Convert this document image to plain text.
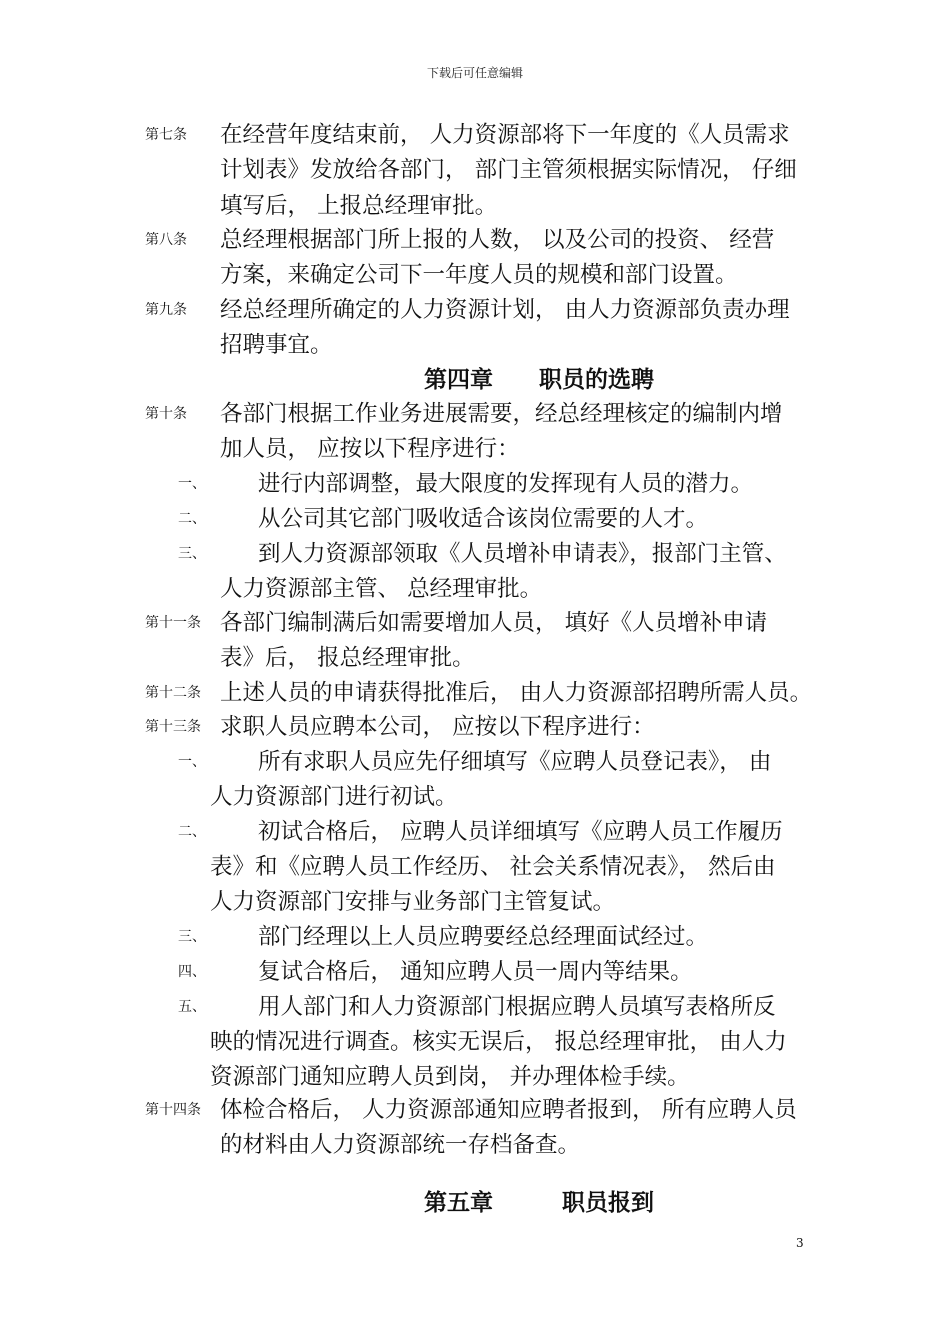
下载后可任意编辑
第七条 在经营年度结束前， 人力资源部将下一年度的《人员需求
计划表》发放给各部门， 部门主管须根据实际情况， 仔细
填写后， 上报总经理审批。
第八条 总经理根据部门所上报的人数， 以及公司的投资、 经营
方案，来确定公司下一年度人员的规模和部门设置。
第九条 经总经理所确定的人力资源计划， 由人力资源部负责办理
招聘事宜。
第四章 职员的选聘
第十条 各部门根据工作业务进展需要，经总经理核定的编制内增
加人员， 应按以下程序进行：
一、 进行内部调整，最大限度的发挥现有人员的潜力。
二、 从公司其它部门吸收适合该岗位需要的人才。
三、 到人力资源部领取《人员增补申请表》，报部门主管、
人力资源部主管、 总经理审批。
第十一条 各部门编制满后如需要增加人员， 填好《人员增补申请
表》后， 报总经理审批。
第十二条 上述人员的申请获得批准后， 由人力资源部招聘所需人员。
第十三条 求职人员应聘本公司， 应按以下程序进行：
一、 所有求职人员应先仔细填写《应聘人员登记表》， 由
人力资源部门进行初试。
二、 初试合格后， 应聘人员详细填写《应聘人员工作履历
表》和《应聘人员工作经历、 社会关系情况表》， 然后由
人力资源部门安排与业务部门主管复试。
三、 部门经理以上人员应聘要经总经理面试经过。
四、 复试合格后， 通知应聘人员一周内等结果。
五、 用人部门和人力资源部门根据应聘人员填写表格所反
映的情况进行调查。核实无误后， 报总经理审批， 由人力
资源部门通知应聘人员到岗， 并办理体检手续。
第十四条 体检合格后， 人力资源部通知应聘者报到， 所有应聘人员
的材料由人力资源部统一存档备查。
第五章	职员报到
3
